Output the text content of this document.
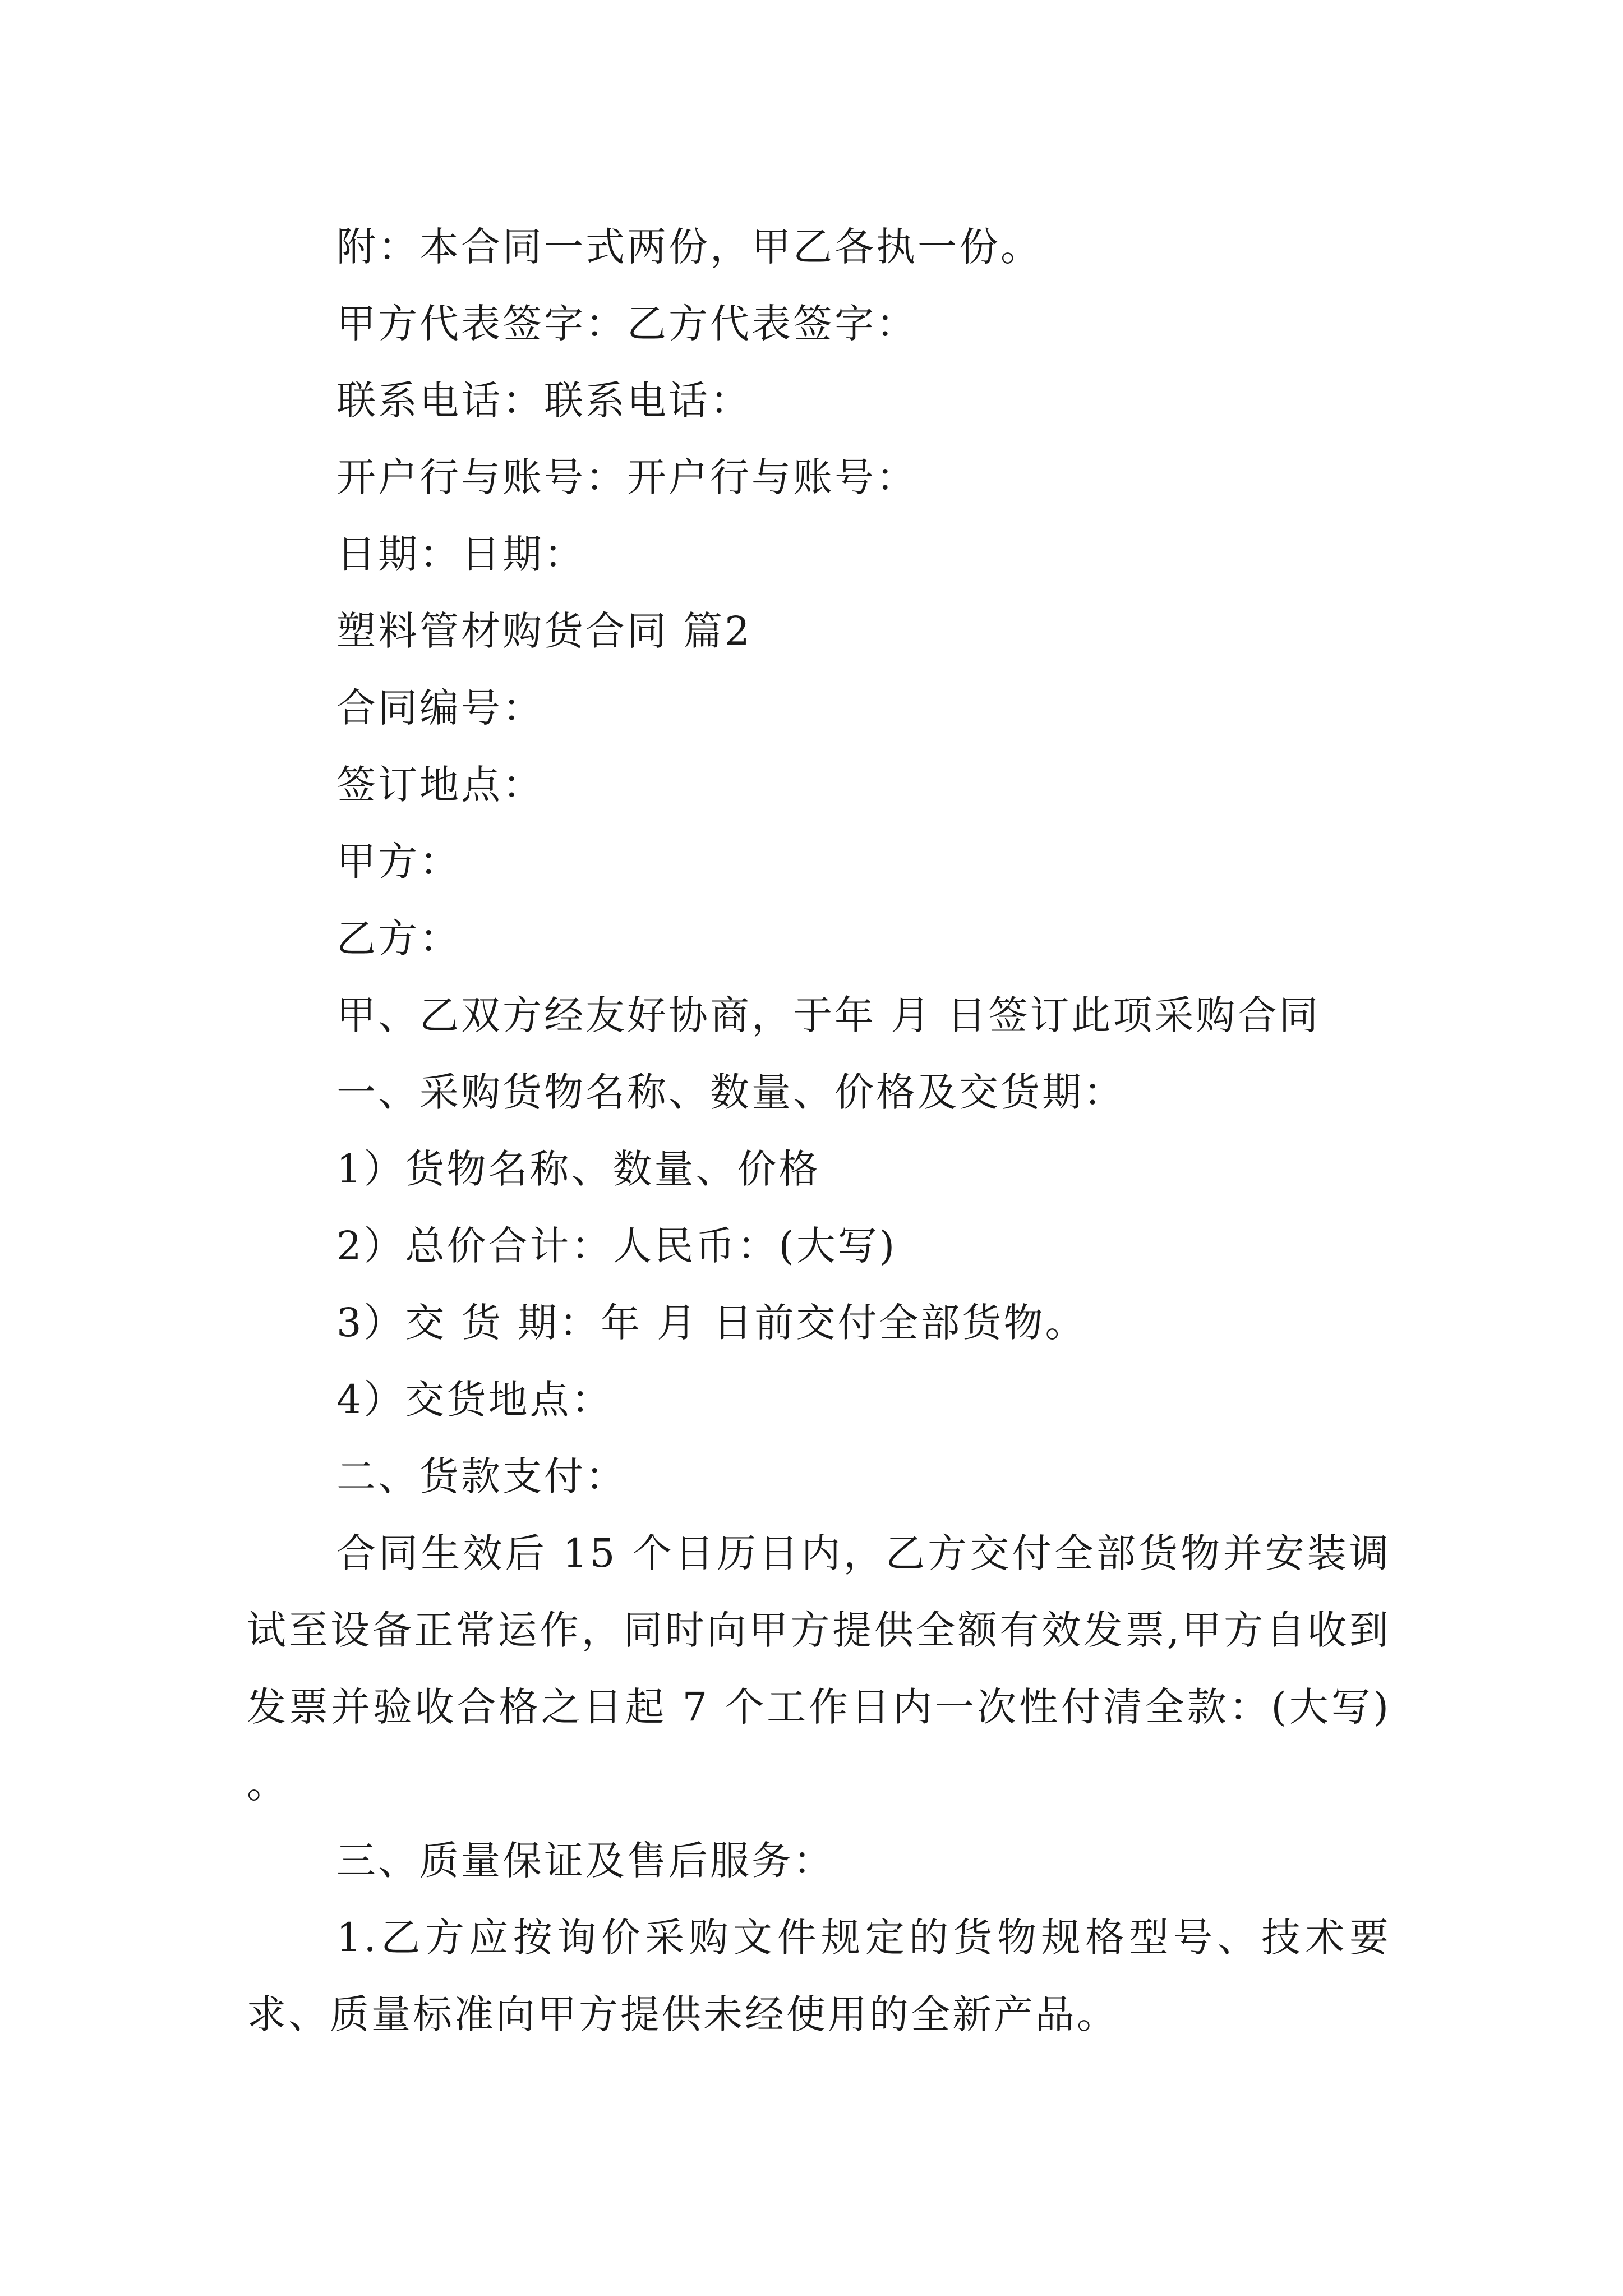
附：本合同一式两份，甲乙各执一份。

甲方代表签字：乙方代表签字：

联系电话：联系电话：

开户行与账号：开户行与账号：

日期：日期：

塑料管材购货合同 篇2

合同编号：

签订地点：

甲方：

乙方：

甲、乙双方经友好协商，于年 月 日签订此项采购合同

一、采购货物名称、数量、价格及交货期：

1）货物名称、数量、价格

2）总价合计：人民币：(大写)

3）交 货 期：年 月 日前交付全部货物。

4）交货地点：

二、货款支付：

合同生效后 15 个日历日内，乙方交付全部货物并安装调试至设备正常运作，同时向甲方提供全额有效发票,甲方自收到发票并验收合格之日起 7 个工作日内一次性付清全款：(大写) 。

三、质量保证及售后服务：

1.乙方应按询价采购文件规定的货物规格型号、技术要求、质量标准向甲方提供未经使用的全新产品。
